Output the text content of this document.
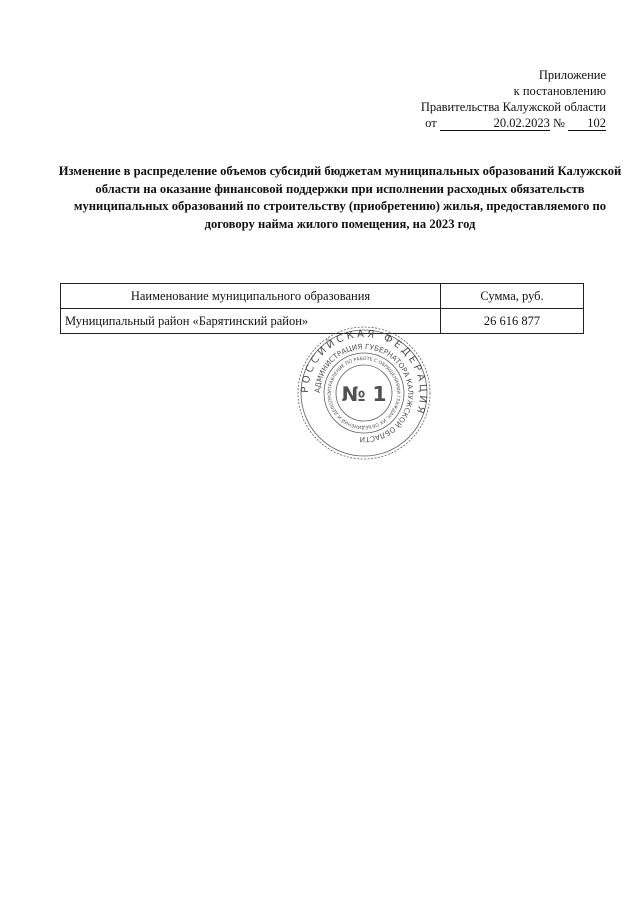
Приложение
к постановлению
Правительства Калужской области
от	20.02.2023 № 102
Изменение в распределение объемов субсидий бюджетам муниципальных образований Калужской области на оказание финансовой поддержки при исполнении расходных обязательств муниципальных образований по строительству (приобретению) жилья, предоставляемого по договору найма жилого помещения, на 2023 год
Наименование муниципального образования	Сумма, руб.
Муниципальный район «Барятинский район»	26 616 877
РОССИЙСКАЯ ФЕДЕРАЦИЯ
АДМИНИСТРАЦИЯ ГУБЕРНАТОРА КАЛУЖСКОЙ ОБЛАСТИ
УПРАВЛЕНИЕ ПО РАБОТЕ С ОБРАЩЕНИЯМИ ГРАЖДАН, ИХ ОБЪЕДИНЕНИЙ И ДЕЛОПРО № 1
